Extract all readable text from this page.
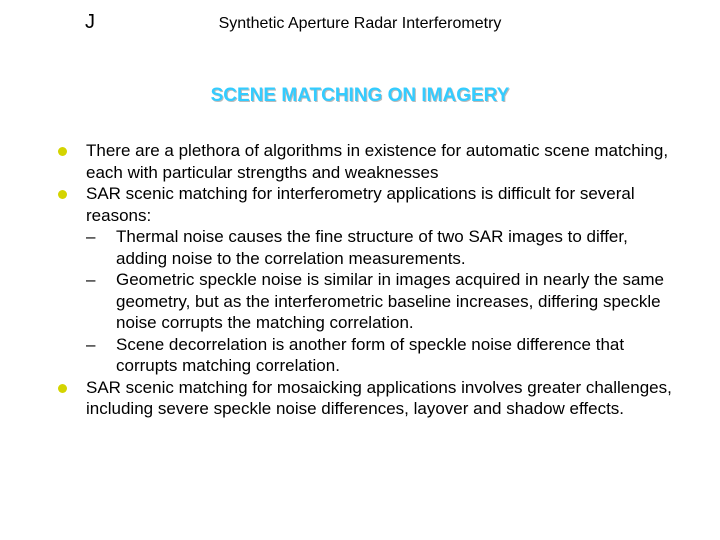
J	Synthetic Aperture Radar Interferometry
SCENE MATCHING ON IMAGERY
There are a plethora of algorithms in existence for automatic scene matching, each with particular strengths and weaknesses
SAR scenic matching for interferometry applications is difficult for several reasons:
– Thermal noise causes the fine structure of two SAR images to differ, adding noise to the correlation measurements.
– Geometric speckle noise is similar in images acquired in nearly the same geometry, but as the interferometric baseline increases, differing speckle noise corrupts the matching correlation.
– Scene decorrelation is another form of speckle noise difference that corrupts matching correlation.
SAR scenic matching for mosaicking applications involves greater challenges, including severe speckle noise differences, layover and shadow effects.
